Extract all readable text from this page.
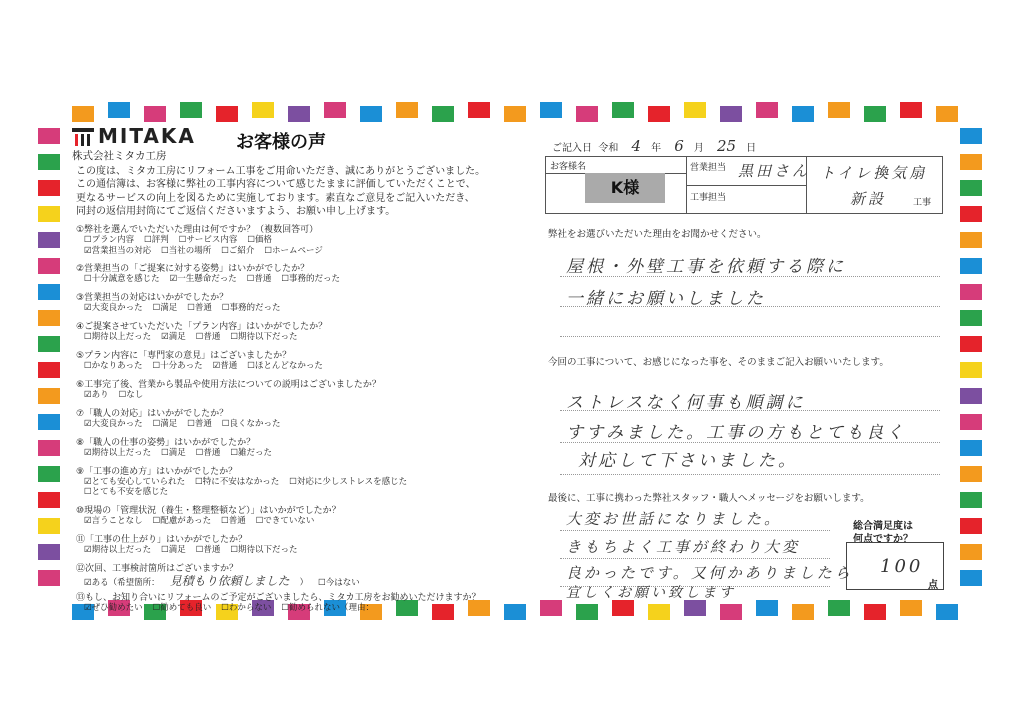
MITAKA
株式会社ミタカ工房
お客様の声
この度は、ミタカ工房にリフォーム工事をご用命いただき、誠にありがとうございました。
この通信簿は、お客様に弊社の工事内容について感じたままに評価していただくことで、
更なるサービスの向上を図るために実施しております。素直なご意見をご記入いただき、
同封の返信用封筒にてご返信くださいますよう、お願い申し上げます。
①弊社を選んでいただいた理由は何ですか？（複数回答可）
☐プラン内容 ☐評判 ☐サービス内容 ☐価格
☑営業担当の対応 ☐当社の場所 ☐ご紹介 ☐ホームページ
②営業担当の「ご提案に対する姿勢」はいかがでしたか？
☐十分誠意を感じた ☑一生懸命だった ☐普通 ☐事務的だった
③営業担当の対応はいかがでしたか？
☑大変良かった ☐満足 ☐普通 ☐事務的だった
④ご提案させていただいた「プラン内容」はいかがでしたか？
☐期待以上だった ☑満足 ☐普通 ☐期待以下だった
⑤プラン内容に「専門家の意見」はございましたか？
☐かなりあった ☐十分あった ☑普通 ☐ほとんどなかった
⑥工事完了後、営業から製品や使用方法についての説明はございましたか？
☑あり ☐なし
⑦「職人の対応」はいかがでしたか？
☑大変良かった ☐満足 ☐普通 ☐良くなかった
⑧「職人の仕事の姿勢」はいかがでしたか？
☑期待以上だった ☐満足 ☐普通 ☐雑だった
⑨「工事の進め方」はいかがでしたか？
☑とても安心していられた ☐特に不安はなかった ☐対応に少しストレスを感じた
☐とても不安を感じた
⑩現場の「管理状況（養生・整理整頓など）」はいかがでしたか？
☑言うことなし ☐配慮があった ☐普通 ☐できていない
⑪「工事の仕上がり」はいかがでしたか？
☑期待以上だった ☐満足 ☐普通 ☐期待以下だった
⑫次回、工事検討箇所はございますか？
☑ある（希望箇所： 見積もり依頼しました ） ☐今はない
⑬もし、お知り合いにリフォームのご予定がございましたら、ミタカ工房をお勧めいただけますか？
☑ぜひ勧めたい ☐勧めても良い ☐わからない ☐勧められない（理由：
ご記入日 令和 4 年 6 月 25 日
お客様名
K様
営業担当 黒田さん
工事担当
トイレ換気扇
新設	工事
弊社をお選びいただいた理由をお聞かせください。
屋根・外壁工事を依頼する際に
一緒にお願いしました
今回の工事について、お感じになった事を、そのままご記入お願いいたします。
ストレスなく何事も順調に
すすみました。工事の方もとても良く
対応して下さいました。
最後に、工事に携わった弊社スタッフ・職人へメッセージをお願いします。
大変お世話になりました。
きもちよく工事が終わり大変
良かったです。又何かありましたら
宜しくお願い致します
総合満足度は
何点ですか？
100
点
